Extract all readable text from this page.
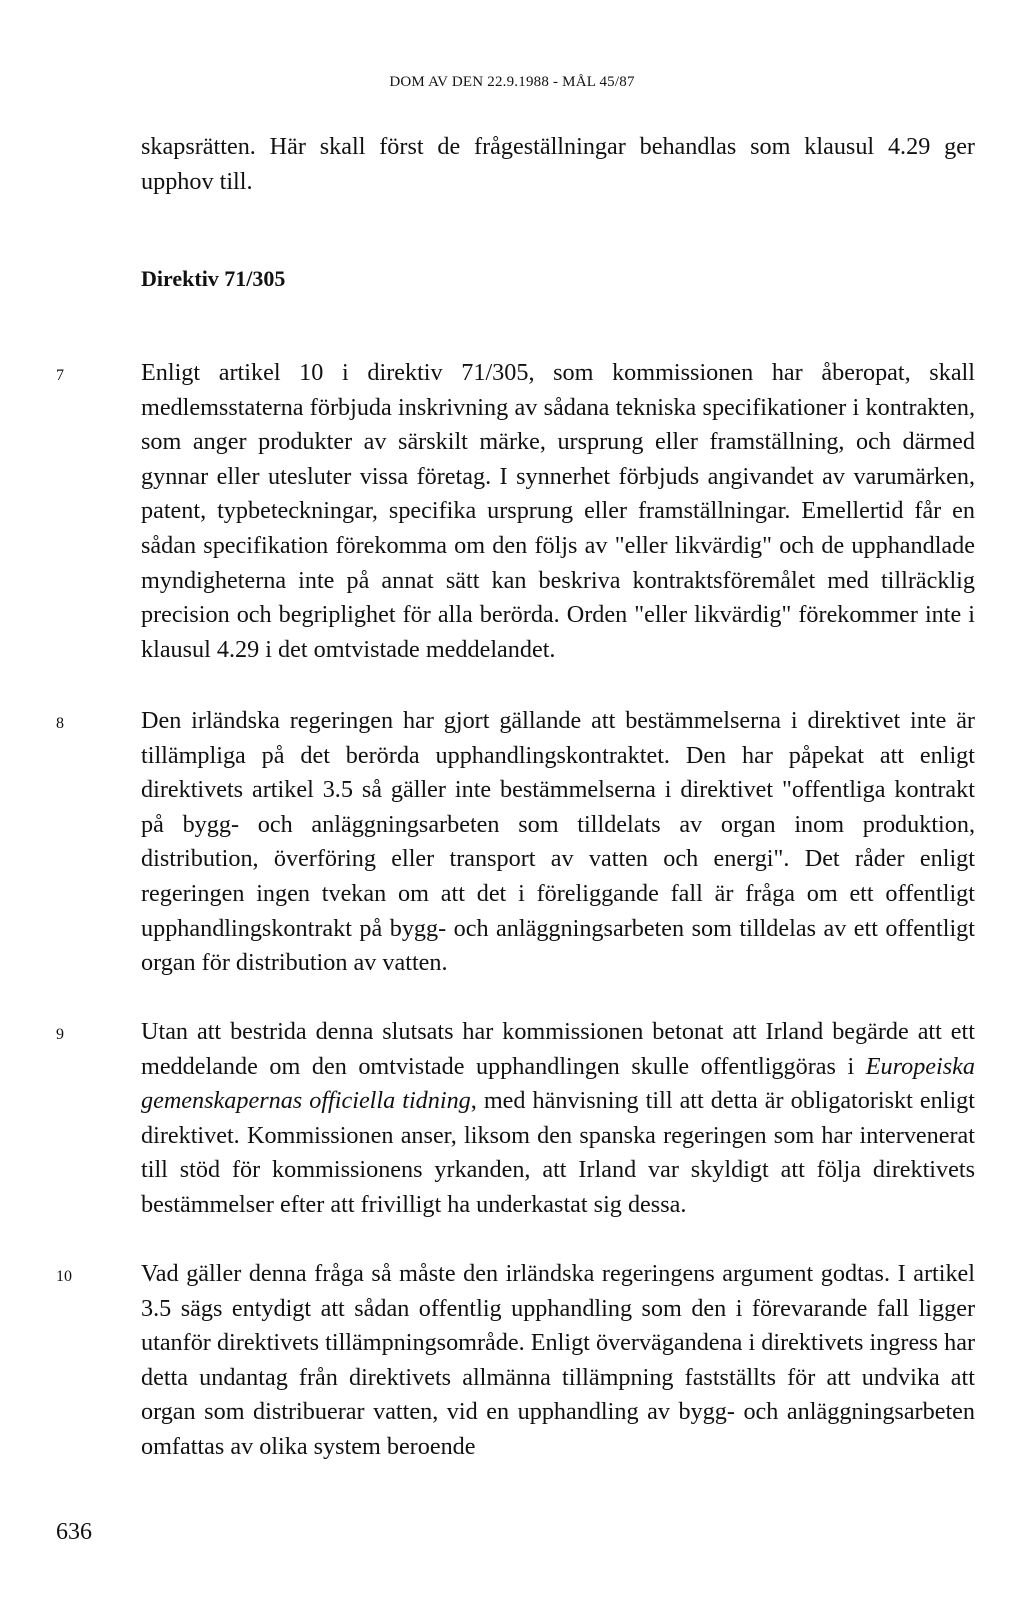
DOM AV DEN 22.9.1988 - MÅL 45/87
skapsrätten. Här skall först de frågeställningar behandlas som klausul 4.29 ger upphov till.
Direktiv 71/305
7	Enligt artikel 10 i direktiv 71/305, som kommissionen har åberopat, skall medlemsstaterna förbjuda inskrivning av sådana tekniska specifikationer i kontrakten, som anger produkter av särskilt märke, ursprung eller framställning, och därmed gynnar eller utesluter vissa företag. I synnerhet förbjuds angivandet av varumärken, patent, typbeteckningar, specifika ursprung eller framställningar. Emellertid får en sådan specifikation förekomma om den följs av "eller likvärdig" och de upphandlade myndigheterna inte på annat sätt kan beskriva kontraktsföremålet med tillräcklig precision och begriplighet för alla berörda. Orden "eller likvärdig" förekommer inte i klausul 4.29 i det omtvistade meddelandet.
8	Den irländska regeringen har gjort gällande att bestämmelserna i direktivet inte är tillämpliga på det berörda upphandlingskontraktet. Den har påpekat att enligt direktivets artikel 3.5 så gäller inte bestämmelserna i direktivet "offentliga kontrakt på bygg- och anläggningsarbeten som tilldelats av organ inom produktion, distribution, överföring eller transport av vatten och energi". Det råder enligt regeringen ingen tvekan om att det i föreliggande fall är fråga om ett offentligt upphandlingskontrakt på bygg- och anläggningsarbeten som tilldelas av ett offentligt organ för distribution av vatten.
9	Utan att bestrida denna slutsats har kommissionen betonat att Irland begärde att ett meddelande om den omtvistade upphandlingen skulle offentliggöras i Europeiska gemenskapernas officiella tidning, med hänvisning till att detta är obligatoriskt enligt direktivet. Kommissionen anser, liksom den spanska regeringen som har intervenerat till stöd för kommissionens yrkanden, att Irland var skyldigt att följa direktivets bestämmelser efter att frivilligt ha underkastat sig dessa.
10	Vad gäller denna fråga så måste den irländska regeringens argument godtas. I artikel 3.5 sägs entydigt att sådan offentlig upphandling som den i förevarande fall ligger utanför direktivets tillämpningsområde. Enligt övervägandena i direktivets ingress har detta undantag från direktivets allmänna tillämpning fastställts för att undvika att organ som distribuerar vatten, vid en upphandling av bygg- och anläggningsarbeten omfattas av olika system beroende
636
